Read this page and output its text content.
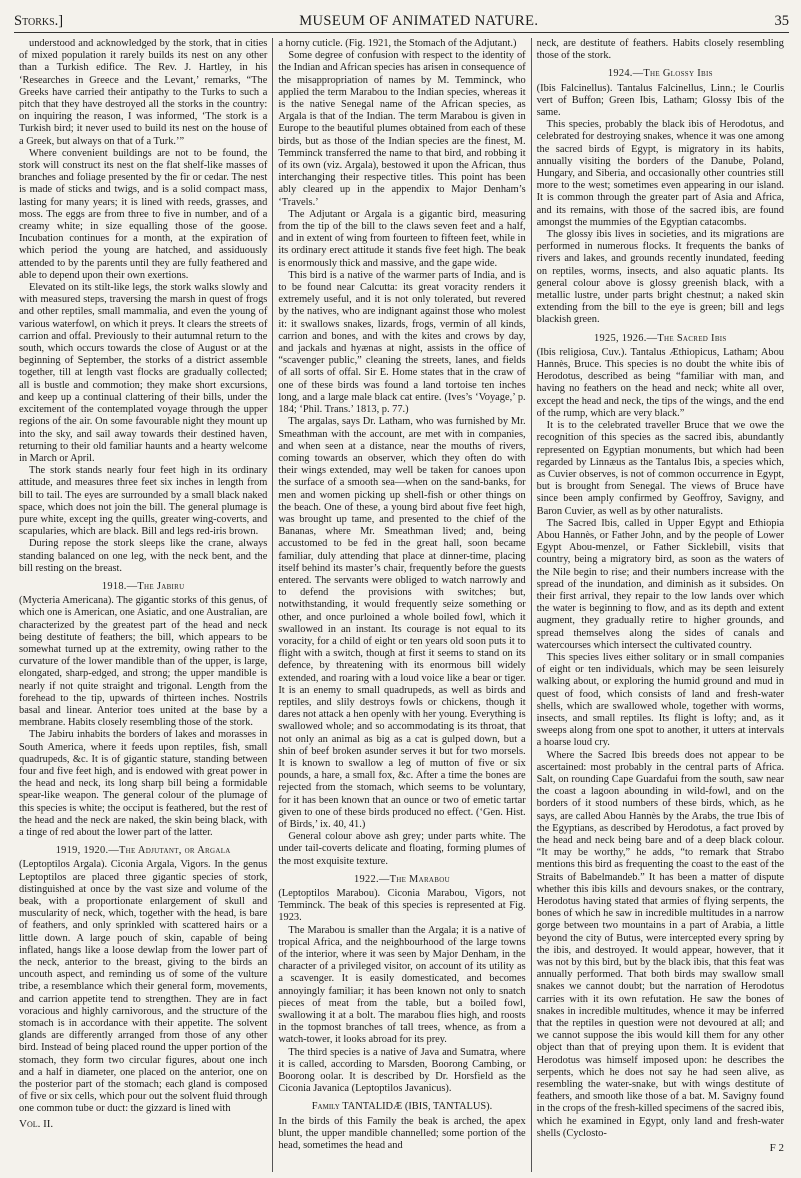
Storks.]	MUSEUM OF ANIMATED NATURE.	35

understood and acknowledged by the stork, that in cities of mixed population it rarely builds its nest on any other than a Turkish edifice. The Rev. J. Hartley, in his ‘Researches in Greece and the Levant,’ remarks, “The Greeks have carried their antipathy to the Turks to such a pitch that they have destroyed all the storks in the country: on inquiring the reason, I was informed, ‘The stork is a Turkish bird; it never used to build its nest on the house of a Greek, but always on that of a Turk.’”

Where convenient buildings are not to be found, the stork will construct its nest on the flat shelf-like masses of branches and foliage presented by the fir or cedar. The nest is made of sticks and twigs, and is a solid compact mass, lasting for many years; it is lined with reeds, grasses, and moss. The eggs are from three to five in number, and of a creamy white; in size equalling those of the goose. Incubation continues for a month, at the expiration of which period the young are hatched, and assiduously attended to by the parents until they are fully feathered and able to depend upon their own exertions.

Elevated on its stilt-like legs, the stork walks slowly and with measured steps, traversing the marsh in quest of frogs and other reptiles, small mammalia, and even the young of various waterfowl, on which it preys. It clears the streets of carrion and offal. Previously to their autumnal return to the south, which occurs towards the close of August or at the beginning of September, the storks of a district assemble together, till at length vast flocks are gradually collected; all is bustle and commotion; they make short excursions, and keep up a continual clattering of their bills, under the excitement of the contemplated voyage through the upper regions of the air. On some favourable night they mount up into the sky, and sail away towards their destined haven, returning to their old familiar haunts and a hearty welcome in March or April.

The stork stands nearly four feet high in its ordinary attitude, and measures three feet six inches in length from bill to tail. The eyes are surrounded by a small black naked space, which does not join the bill. The general plumage is pure white, except ing the quills, greater wing-coverts, and scapularies, which are black. Bill and legs red-iris brown.

During repose the stork sleeps like the crane, always standing balanced on one leg, with the neck bent, and the bill resting on the breast.

1918.—The Jabiru

(Mycteria Americana). The gigantic storks of this genus, of which one is American, one Asiatic, and one Australian, are characterized by the greatest part of the head and neck being destitute of feathers; the bill, which appears to be somewhat turned up at the extremity, owing rather to the curvature of the lower mandible than of the upper, is large, elongated, sharp-edged, and strong; the upper mandible is nearly if not quite straight and trigonal. Length from the forehead to the tip, upwards of thirteen inches. Nostrils basal and linear. Anterior toes united at the base by a membrane. Habits closely resembling those of the stork.

The Jabiru inhabits the borders of lakes and morasses in South America, where it feeds upon reptiles, fish, small quadrupeds, &c. It is of gigantic stature, standing between four and five feet high, and is endowed with great power in the head and neck, its long sharp bill being a formidable spear-like weapon. The general colour of the plumage of this species is white; the occiput is feathered, but the rest of the head and the neck are naked, the skin being black, with a tinge of red about the lower part of the latter.

1919, 1920.—The Adjutant, or Argala

(Leptoptilos Argala). Ciconia Argala, Vigors. In the genus Leptoptilos are placed three gigantic species of stork, distinguished at once by the vast size and volume of the beak, with a proportionate enlargement of skull and muscularity of neck, which, together with the head, is bare of feathers, and only sprinkled with scattered hairs or a little down. A large pouch of skin, capable of being inflated, hangs like a loose dewlap from the lower part of the neck, anterior to the breast, giving to the birds an uncouth aspect, and reminding us of some of the vulture tribe, a resemblance which their general form, movements, and carrion appetite tend to strengthen. They are in fact voracious and highly carnivorous, and the structure of the stomach is in accordance with their appetite. The solvent glands are differently arranged from those of any other bird. Instead of being placed round the upper portion of the stomach, they form two circular figures, about one inch and a half in diameter, one placed on the anterior, one on the posterior part of the stomach; each gland is composed of five or six cells, which pour out the solvent fluid through one common tube or duct: the gizzard is lined with

Vol. II.

a horny cuticle. (Fig. 1921, the Stomach of the Adjutant.)

Some degree of confusion with respect to the identity of the Indian and African species has arisen in consequence of the misappropriation of names by M. Temminck, who applied the term Marabou to the Indian species, whereas it is the native Senegal name of the African species, as Argala is that of the Indian. The term Marabou is given in Europe to the beautiful plumes obtained from each of these birds, but as those of the Indian species are the finest, M. Temminck transferred the name to that bird, and robbing it of its own (viz. Argala), bestowed it upon the African, thus interchanging their respective titles. This point has been ably cleared up in the appendix to Major Denham’s ‘Travels.’

The Adjutant or Argala is a gigantic bird, measuring from the tip of the bill to the claws seven feet and a half, and in extent of wing from fourteen to fifteen feet, while in its ordinary erect attitude it stands five feet high. The beak is enormously thick and massive, and the gape wide.

This bird is a native of the warmer parts of India, and is to be found near Calcutta: its great voracity renders it extremely useful, and it is not only tolerated, but revered by the natives, who are indignant against those who molest it: it swallows snakes, lizards, frogs, vermin of all kinds, carrion and bones, and with the kites and crows by day, and jackals and hyænas at night, assists in the office of “scavenger public,” cleaning the streets, lanes, and fields of all sorts of offal. Sir E. Home states that in the craw of one of these birds was found a land tortoise ten inches long, and a large male black cat entire. (Ives’s ‘Voyage,’ p. 184; ‘Phil. Trans.’ 1813, p. 77.)

The argalas, says Dr. Latham, who was furnished by Mr. Smeathman with the account, are met with in companies, and when seen at a distance, near the mouths of rivers, coming towards an observer, which they often do with their wings extended, may well be taken for canoes upon the surface of a smooth sea—when on the sand-banks, for men and women picking up shell-fish or other things on the beach. One of these, a young bird about five feet high, was brought up tame, and presented to the chief of the Bananas, where Mr. Smeathman lived; and, being accustomed to be fed in the great hall, soon became familiar, duly attending that place at dinner-time, placing itself behind its master’s chair, frequently before the guests entered. The servants were obliged to watch narrowly and to defend the provisions with switches; but, notwithstanding, it would frequently seize something or other, and once purloined a whole boiled fowl, which it swallowed in an instant. Its courage is not equal to its voracity, for a child of eight or ten years old soon puts it to flight with a switch, though at first it seems to stand on its defence, by threatening with its enormous bill widely extended, and roaring with a loud voice like a bear or tiger. It is an enemy to small quadrupeds, as well as birds and reptiles, and slily destroys fowls or chickens, though it dares not attack a hen openly with her young. Everything is swallowed whole; and so accommodating is its throat, that not only an animal as big as a cat is gulped down, but a shin of beef broken asunder serves it but for two morsels. It is known to swallow a leg of mutton of five or six pounds, a hare, a small fox, &c. After a time the bones are rejected from the stomach, which seems to be voluntary, for it has been known that an ounce or two of emetic tartar given to one of these birds produced no effect. (‘Gen. Hist. of Birds,’ ix. 40, 41.)

General colour above ash grey; under parts white. The under tail-coverts delicate and floating, forming plumes of the most exquisite texture.

1922.—The Marabou

(Leptoptilos Marabou). Ciconia Marabou, Vigors, not Temminck. The beak of this species is represented at Fig. 1923.

The Marabou is smaller than the Argala; it is a native of tropical Africa, and the neighbourhood of the large towns of the interior, where it was seen by Major Denham, in the character of a privileged visitor, on account of its utility as a scavenger. It is easily domesticated, and becomes annoyingly familiar; it has been known not only to snatch pieces of meat from the table, but a boiled fowl, swallowing it at a bolt. The marabou flies high, and roosts in the topmost branches of tall trees, whence, as from a watch-tower, it looks abroad for its prey.

The third species is a native of Java and Sumatra, where it is called, according to Marsden, Boorong Cambing, or Boorong oolar. It is described by Dr. Horsfield as the Ciconia Javanica (Leptoptilos Javanicus).

Family TANTALIDÆ (IBIS, TANTALUS).

In the birds of this Family the beak is arched, the apex blunt, the upper mandible channelled; some portion of the head, sometimes the head and

neck, are destitute of feathers. Habits closely resembling those of the stork.

1924.—The Glossy Ibis

(Ibis Falcinellus). Tantalus Falcinellus, Linn.; le Courlis vert of Buffon; Green Ibis, Latham; Glossy Ibis of the same.

This species, probably the black ibis of Herodotus, and celebrated for destroying snakes, whence it was one among the sacred birds of Egypt, is migratory in its habits, annually visiting the borders of the Danube, Poland, Hungary, and Siberia, and occasionally other countries still more to the west; sometimes even appearing in our island. It is common through the greater part of Asia and Africa, and its remains, with those of the sacred ibis, are found amongst the mummies of the Egyptian catacombs.

The glossy ibis lives in societies, and its migrations are performed in numerous flocks. It frequents the banks of rivers and lakes, and grounds recently inundated, feeding on reptiles, worms, insects, and also aquatic plants. Its general colour above is glossy greenish black, with a metallic lustre, under parts bright chestnut; a naked skin extending from the bill to the eye is green; bill and legs blackish green.

1925, 1926.—The Sacred Ibis

(Ibis religiosa, Cuv.). Tantalus Æthiopicus, Latham; Abou Hannès, Bruce. This species is no doubt the white ibis of Herodotus, described as being “familiar with man, and having no feathers on the head and neck; white all over, except the head and neck, the tips of the wings, and the end of the rump, which are very black.”

It is to the celebrated traveller Bruce that we owe the recognition of this species as the sacred ibis, abundantly represented on Egyptian monuments, but which had been regarded by Linnæus as the Tantalus Ibis, a species which, as Cuvier observes, is not of common occurrence in Egypt, but is brought from Senegal. The views of Bruce have since been amply confirmed by Geoffroy, Savigny, and Baron Cuvier, as well as by other naturalists.

The Sacred Ibis, called in Upper Egypt and Ethiopia Abou Hannès, or Father John, and by the people of Lower Egypt Abou-menzel, or Father Sicklebill, visits that country, being a migratory bird, as soon as the waters of the Nile begin to rise; and their numbers increase with the spread of the inundation, and diminish as it subsides. On their first arrival, they repair to the low lands over which the water is beginning to flow, and as its depth and extent augment, they gradually retire to higher grounds, and spread themselves along the sides of canals and watercourses which intersect the cultivated country.

This species lives either solitary or in small companies of eight or ten individuals, which may be seen leisurely walking about, or exploring the humid ground and mud in quest of food, which consists of land and fresh-water shells, which are swallowed whole, together with worms, insects, and small reptiles. Its flight is lofty; and, as it sweeps along from one spot to another, it utters at intervals a hoarse loud cry.

Where the Sacred Ibis breeds does not appear to be ascertained: most probably in the central parts of Africa. Salt, on rounding Cape Guardafui from the south, saw near the coast a lagoon abounding in wild-fowl, and on the borders of it stood numbers of these birds, which, as he says, are called Abou Hannès by the Arabs, the true Ibis of the Egyptians, as described by Herodotus, a fact proved by the head and neck being bare and of a deep black colour. “It may be worthy,” he adds, “to remark that Strabo mentions this bird as frequenting the coast to the east of the Straits of Babelmandeb.” It has been a matter of dispute whether this ibis kills and devours snakes, or the contrary, Herodotus having stated that armies of flying serpents, the bones of which he saw in incredible multitudes in a narrow gorge between two mountains in a part of Arabia, a little beyond the city of Butus, were intercepted every spring by the ibis, and destroyed. It would appear, however, that it was not by this bird, but by the black ibis, that this feat was annually performed. That both birds may swallow small snakes we cannot doubt; but the narration of Herodotus carries with it its own refutation. He saw the bones of snakes in incredible multitudes, whence it may be inferred that the reptiles in question were not devoured at all; and we cannot suppose the ibis would kill them for any other object than that of preying upon them. It is evident that Herodotus was himself imposed upon: he describes the serpents, which he does not say he had seen alive, as resembling the water-snake, but with wings destitute of feathers, and smooth like those of a bat. M. Savigny found in the crops of the fresh-killed specimens of the sacred ibis, which he examined in Egypt, only land and fresh-water shells (Cyclosto-

F 2
